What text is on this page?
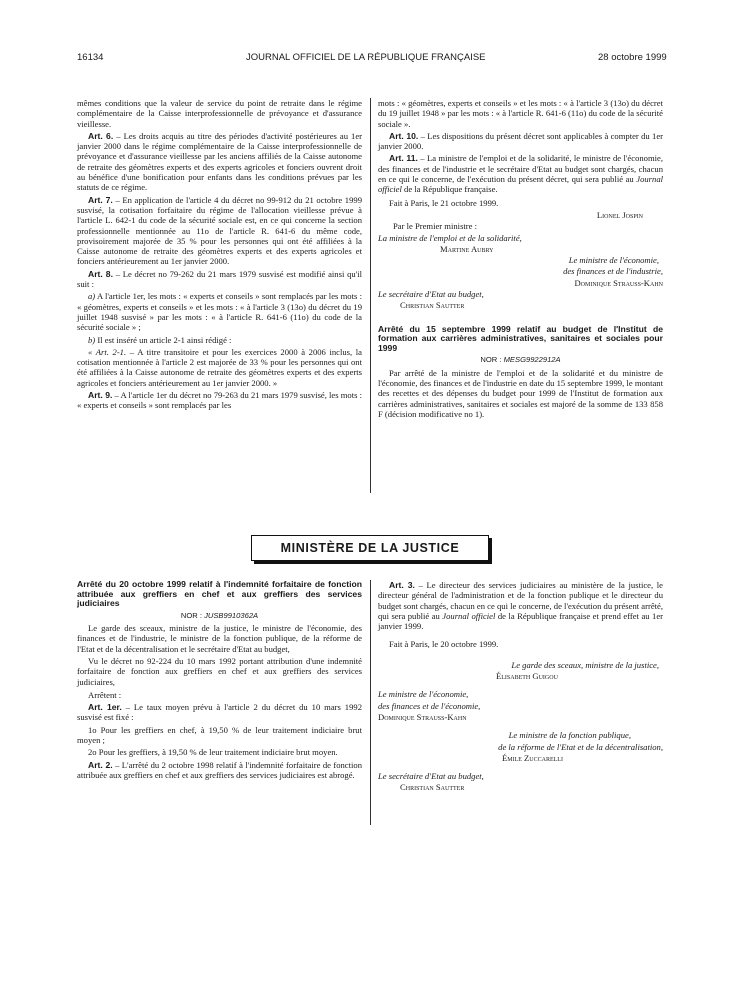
16134	JOURNAL OFFICIEL DE LA RÉPUBLIQUE FRANÇAISE	28 octobre 1999

mêmes conditions que la valeur de service du point de retraite dans le régime complémentaire de la Caisse interprofessionnelle de prévoyance et d'assurance vieillesse.

Art. 6. – Les droits acquis au titre des périodes d'activité postérieures au 1er janvier 2000 dans le régime complémentaire de la Caisse interprofessionnelle de prévoyance et d'assurance vieillesse par les anciens affiliés de la Caisse autonome de retraite des géomètres experts et des experts agricoles et fonciers ouvrent droit au bénéfice d'une bonification pour enfants dans les conditions prévues par les statuts de ce régime.

Art. 7. – En application de l'article 4 du décret no 99-912 du 21 octobre 1999 susvisé, la cotisation forfaitaire du régime de l'allocation vieillesse prévue à l'article L. 642-1 du code de la sécurité sociale est, en ce qui concerne la section professionnelle mentionnée au 11o de l'article R. 641-6 du même code, provisoirement majorée de 35 % pour les personnes qui ont été affiliées à la Caisse autonome de retraite des géomètres experts et des experts agricoles et fonciers antérieurement au 1er janvier 2000.

Art. 8. – Le décret no 79-262 du 21 mars 1979 susvisé est modifié ainsi qu'il suit :

a) A l'article 1er, les mots : « experts et conseils » sont remplacés par les mots : « géomètres, experts et conseils » et les mots : « à l'article 3 (13o) du décret du 19 juillet 1948 susvisé » par les mots : « à l'article R. 641-6 (11o) du code de la sécurité sociale » ;

b) Il est inséré un article 2-1 ainsi rédigé :

« Art. 2-1. – A titre transitoire et pour les exercices 2000 à 2006 inclus, la cotisation mentionnée à l'article 2 est majorée de 33 % pour les personnes qui ont été affiliées à la Caisse autonome de retraite des géomètres experts et des experts agricoles et fonciers antérieurement au 1er janvier 2000. »

Art. 9. – A l'article 1er du décret no 79-263 du 21 mars 1979 susvisé, les mots : « experts et conseils » sont remplacés par les

mots : « géomètres, experts et conseils » et les mots : « à l'article 3 (13o) du décret du 19 juillet 1948 » par les mots : « à l'article R. 641-6 (11o) du code de la sécurité sociale ».

Art. 10. – Les dispositions du présent décret sont applicables à compter du 1er janvier 2000.

Art. 11. – La ministre de l'emploi et de la solidarité, le ministre de l'économie, des finances et de l'industrie et le secrétaire d'Etat au budget sont chargés, chacun en ce qui le concerne, de l'exécution du présent décret, qui sera publié au Journal officiel de la République française.

Fait à Paris, le 21 octobre 1999.

Lionel Jospin
Par le Premier ministre :
La ministre de l'emploi et de la solidarité,
Martine Aubry
Le ministre de l'économie,
des finances et de l'industrie,
Dominique Strauss-Kahn
Le secrétaire d'Etat au budget,
Christian Sautter

Arrêté du 15 septembre 1999 relatif au budget de l'Institut de formation aux carrières administratives, sanitaires et sociales pour 1999

NOR : MESG9922912A

Par arrêté de la ministre de l'emploi et de la solidarité et du ministre de l'économie, des finances et de l'industrie en date du 15 septembre 1999, le montant des recettes et des dépenses du budget pour 1999 de l'Institut de formation aux carrières administratives, sanitaires et sociales est majoré de la somme de 133 858 F (décision modificative no 1).

MINISTÈRE DE LA JUSTICE

Arrêté du 20 octobre 1999 relatif à l'indemnité forfaitaire de fonction attribuée aux greffiers en chef et aux greffiers des services judiciaires

NOR : JUSB9910362A

Le garde des sceaux, ministre de la justice, le ministre de l'économie, des finances et de l'industrie, le ministre de la fonction publique, de la réforme de l'Etat et de la décentralisation et le secrétaire d'Etat au budget,

Vu le décret no 92-224 du 10 mars 1992 portant attribution d'une indemnité forfaitaire de fonction aux greffiers en chef et aux greffiers des services judiciaires,

Arrêtent :

Art. 1er. – Le taux moyen prévu à l'article 2 du décret du 10 mars 1992 susvisé est fixé :

1o Pour les greffiers en chef, à 19,50 % de leur traitement indiciaire brut moyen ;

2o Pour les greffiers, à 19,50 % de leur traitement indiciaire brut moyen.

Art. 2. – L'arrêté du 2 octobre 1998 relatif à l'indemnité forfaitaire de fonction attribuée aux greffiers en chef et aux greffiers des services judiciaires est abrogé.

Art. 3. – Le directeur des services judiciaires au ministère de la justice, le directeur général de l'administration et de la fonction publique et le directeur du budget sont chargés, chacun en ce qui le concerne, de l'exécution du présent arrêté, qui sera publié au Journal officiel de la République française et prend effet au 1er janvier 1999.

Fait à Paris, le 20 octobre 1999.

Le garde des sceaux, ministre de la justice,
Élisabeth Guigou
Le ministre de l'économie,
des finances et de l'économie,
Dominique Strauss-Kahn
Le ministre de la fonction publique,
de la réforme de l'Etat et de la décentralisation,
Émile Zuccarelli
Le secrétaire d'Etat au budget,
Christian Sautter
